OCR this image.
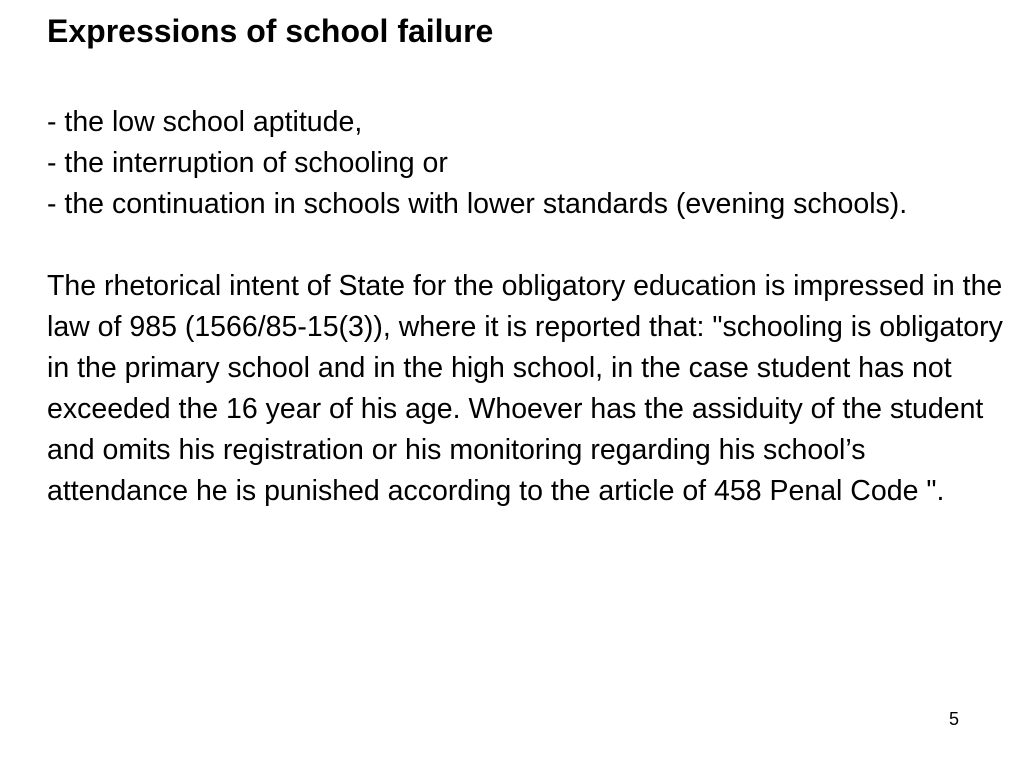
Expressions of school failure
- the low school aptitude,
- the interruption of schooling or
- the continuation in schools with lower standards (evening schools).

The rhetorical intent of State for the obligatory education is impressed in the law of 985 (1566/85-15(3)), where it is reported that: "schooling is obligatory in the primary school and in the high school, in the case student has not exceeded the 16 year of his age. Whoever has the assiduity of the student and omits his registration or his monitoring regarding his school’s attendance he is punished according to the article of 458 Penal Code ".

5
